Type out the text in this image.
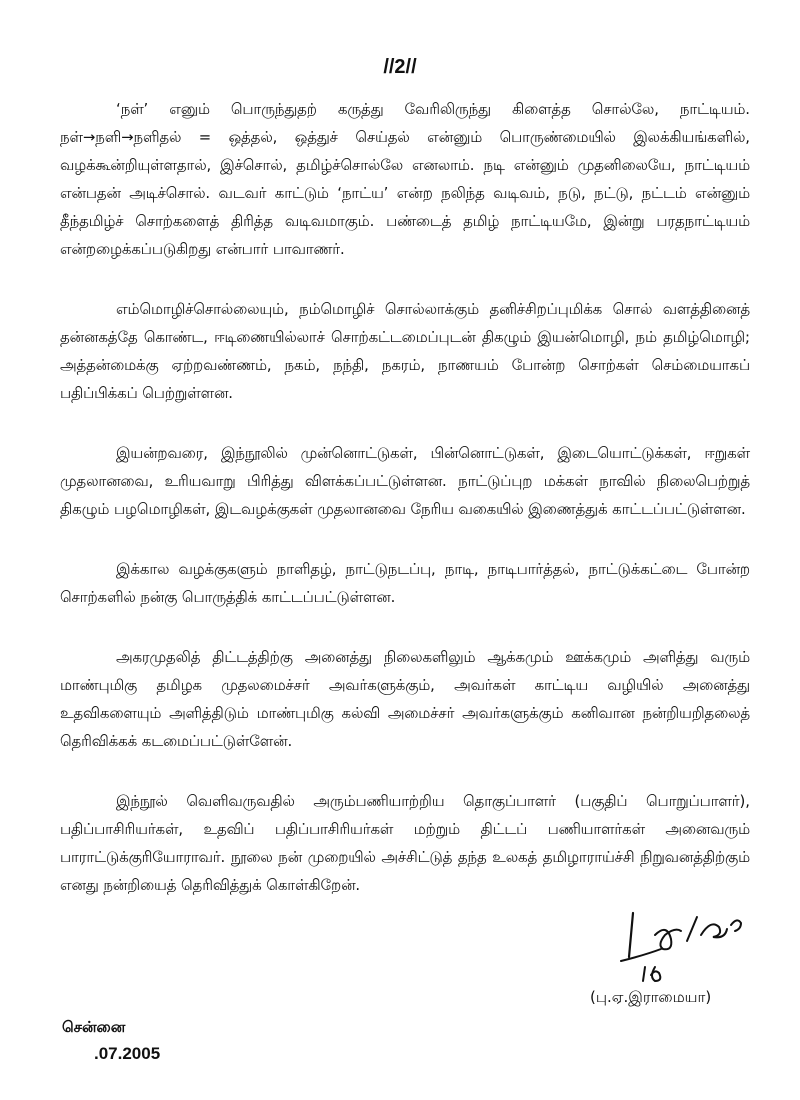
//2//

‘நள்’ எனும் பொருந்துதற் கருத்து வேரிலிருந்து கிளைத்த சொல்லே, நாட்டியம். நள்→நளி→நளிதல் = ஒத்தல், ஒத்துச் செய்தல் என்னும் பொருண்மையில் இலக்கியங்களில், வழக்கூன்றியுள்ளதால், இச்சொல், தமிழ்ச்சொல்லே எனலாம். நடி என்னும் முதனிலையே, நாட்டியம் என்பதன் அடிச்சொல். வடவர் காட்டும் ‘நாட்ய’ என்ற நலிந்த வடிவம், நடு, நட்டு, நட்டம் என்னும் தீந்தமிழ்ச் சொற்களைத் திரித்த வடிவமாகும். பண்டைத் தமிழ் நாட்டியமே, இன்று பரதநாட்டியம் என்றழைக்கப்படுகிறது என்பார் பாவாணர்.

எம்மொழிச்சொல்லையும், நம்மொழிச் சொல்லாக்கும் தனிச்சிறப்புமிக்க சொல் வளத்தினைத் தன்னகத்தே கொண்ட, ஈடிணையில்லாச் சொற்கட்டமைப்புடன் திகழும் இயன்மொழி, நம் தமிழ்மொழி; அத்தன்மைக்கு ஏற்றவண்ணம், நகம், நந்தி, நகரம், நாணயம் போன்ற சொற்கள் செம்மையாகப் பதிப்பிக்கப் பெற்றுள்ளன.

இயன்றவரை, இந்நூலில் முன்னொட்டுகள், பின்னொட்டுகள், இடையொட்டுக்கள், ஈறுகள் முதலானவை, உரியவாறு பிரித்து விளக்கப்பட்டுள்ளன. நாட்டுப்புற மக்கள் நாவில் நிலைபெற்றுத் திகழும் பழமொழிகள், இடவழக்குகள் முதலானவை நேரிய வகையில் இணைத்துக் காட்டப்பட்டுள்ளன.

இக்கால வழக்குகளும் நாளிதழ், நாட்டுநடப்பு, நாடி, நாடிபார்த்தல், நாட்டுக்கட்டை போன்ற சொற்களில் நன்கு பொருத்திக் காட்டப்பட்டுள்ளன.

அகரமுதலித் திட்டத்திற்கு அனைத்து நிலைகளிலும் ஆக்கமும் ஊக்கமும் அளித்து வரும் மாண்புமிகு தமிழக முதலமைச்சர் அவர்களுக்கும், அவர்கள் காட்டிய வழியில் அனைத்து உதவிகளையும் அளித்திடும் மாண்புமிகு கல்வி அமைச்சர் அவர்களுக்கும் கனிவான நன்றியறிதலைத் தெரிவிக்கக் கடமைப்பட்டுள்ளேன்.

இந்நூல் வெளிவருவதில் அரும்பணியாற்றிய தொகுப்பாளர் (பகுதிப் பொறுப்பாளர்), பதிப்பாசிரியர்கள், உதவிப் பதிப்பாசிரியர்கள் மற்றும் திட்டப் பணியாளர்கள் அனைவரும் பாராட்டுக்குரியோராவர். நூலை நன் முறையில் அச்சிட்டுத் தந்த உலகத் தமிழாராய்ச்சி நிறுவனத்திற்கும் எனது நன்றியைத் தெரிவித்துக் கொள்கிறேன்.

16/8/2005
(பு.ஏ.இராமையா)
சென்னை
.07.2005
